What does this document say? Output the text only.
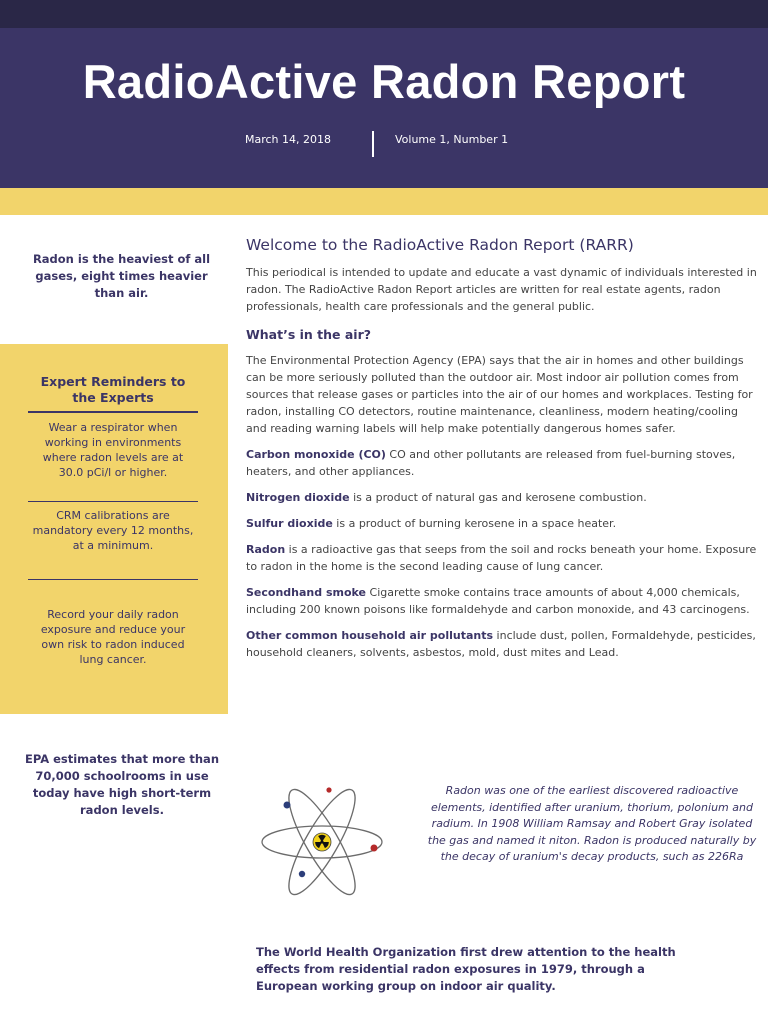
RadioActive Radon Report
March 14, 2018	Volume 1, Number 1
Radon is the heaviest of all gases, eight times heavier than air.
Expert Reminders to the Experts
Wear a respirator when working in environments where radon levels are at 30.0 pCi/l or higher.
CRM calibrations are mandatory every 12 months, at a minimum.
Record your daily radon exposure and reduce your own risk to radon induced lung cancer.
EPA estimates that more than 70,000 schoolrooms in use today have high short-term radon levels.
Welcome to the RadioActive Radon Report (RARR)

This periodical is intended to update and educate a vast dynamic of individuals interested in radon. The RadioActive Radon Report articles are written for real estate agents, radon professionals, health care professionals and the general public.

What’s in the air?

The Environmental Protection Agency (EPA) says that the air in homes and other buildings can be more seriously polluted than the outdoor air. Most indoor air pollution comes from sources that release gases or particles into the air of our homes and workplaces. Testing for radon, installing CO detectors, routine maintenance, cleanliness, modern heating/cooling and reading warning labels will help make potentially dangerous homes safer.

Carbon monoxide (CO) CO and other pollutants are released from fuel-burning stoves, heaters, and other appliances.

Nitrogen dioxide is a product of natural gas and kerosene combustion.

Sulfur dioxide is a product of burning kerosene in a space heater.

Radon is a radioactive gas that seeps from the soil and rocks beneath your home. Exposure to radon in the home is the second leading cause of lung cancer.

Secondhand smoke Cigarette smoke contains trace amounts of about 4,000 chemicals, including 200 known poisons like formaldehyde and carbon monoxide, and 43 carcinogens.

Other common household air pollutants include dust, pollen, Formaldehyde, pesticides, household cleaners, solvents, asbestos, mold, dust mites and Lead.

Radon was one of the earliest discovered radioactive elements, identified after uranium, thorium, polonium and radium. In 1908 William Ramsay and Robert Gray isolated the gas and named it niton. Radon is produced naturally by the decay of uranium's decay products, such as 226Ra
The World Health Organization first drew attention to the health effects from residential radon exposures in 1979, through a European working group on indoor air quality.
